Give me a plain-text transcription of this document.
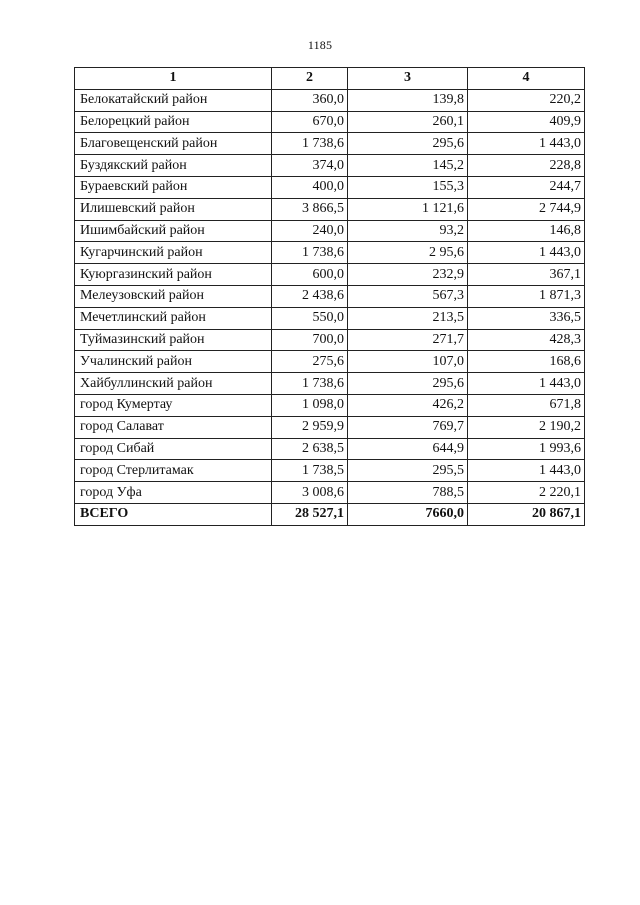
1185
1	2	3	4
Белокатайский район	360,0	139,8	220,2
Белорецкий район	670,0	260,1	409,9
Благовещенский район	1 738,6	295,6	1 443,0
Буздякский район	374,0	145,2	228,8
Бураевский район	400,0	155,3	244,7
Илишевский район	3 866,5	1 121,6	2 744,9
Ишимбайский район	240,0	93,2	146,8
Кугарчинский район	1 738,6	2 95,6	1 443,0
Куюргазинский район	600,0	232,9	367,1
Мелеузовский район	2 438,6	567,3	1 871,3
Мечетлинский район	550,0	213,5	336,5
Туймазинский район	700,0	271,7	428,3
Учалинский район	275,6	107,0	168,6
Хайбуллинский район	1 738,6	295,6	1 443,0
город Кумертау	1 098,0	426,2	671,8
город Салават	2 959,9	769,7	2 190,2
город Сибай	2 638,5	644,9	1 993,6
город Стерлитамак	1 738,5	295,5	1 443,0
город Уфа	3 008,6	788,5	2 220,1
ВСЕГО	28 527,1	7660,0	20 867,1
